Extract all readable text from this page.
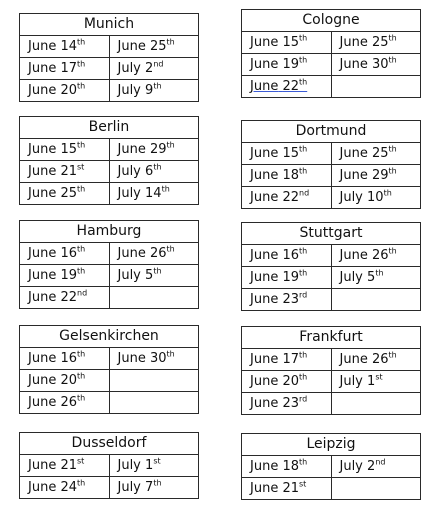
Munich	
June 14th	June 25th
June 17th	July 2nd
June 20th	July 9th
Cologne	
June 15th	June 25th
June 19th	June 30th
June 22th	
Berlin	
June 15th	June 29th
June 21st	July 6th
June 25th	July 14th
Dortmund	
June 15th	June 25th
June 18th	June 29th
June 22nd	July 10th
Hamburg	
June 16th	June 26th
June 19th	July 5th
June 22nd	
Stuttgart	
June 16th	June 26th
June 19th	July 5th
June 23rd	
Gelsenkirchen	
June 16th	June 30th
June 20th	
June 26th	
Frankfurt	
June 17th	June 26th
June 20th	July 1st
June 23rd	
Dusseldorf	
June 21st	July 1st
June 24th	July 7th
Leipzig	
June 18th	July 2nd
June 21st	
